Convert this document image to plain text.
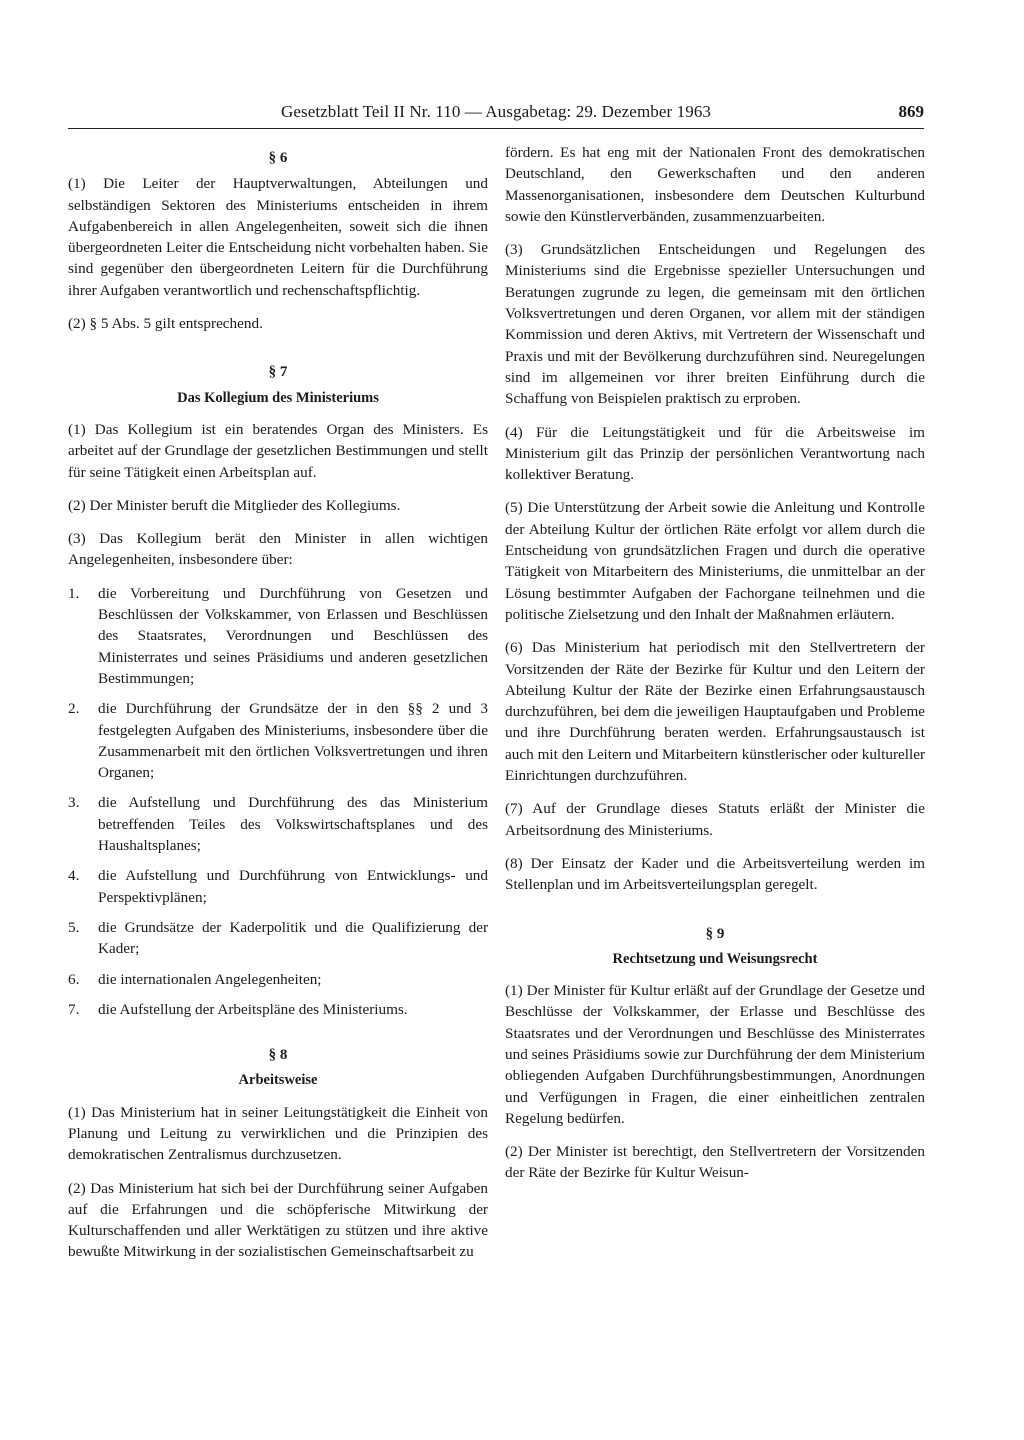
Gesetzblatt Teil II Nr. 110 — Ausgabetag: 29. Dezember 1963	869
§ 6

(1) Die Leiter der Hauptverwaltungen, Abteilungen und selbständigen Sektoren des Ministeriums entscheiden in ihrem Aufgabenbereich in allen Angelegenheiten, soweit sich die ihnen übergeordneten Leiter die Entscheidung nicht vorbehalten haben. Sie sind gegenüber den übergeordneten Leitern für die Durchführung ihrer Aufgaben verantwortlich und rechenschaftspflichtig.

(2) § 5 Abs. 5 gilt entsprechend.

§ 7
Das Kollegium des Ministeriums

(1) Das Kollegium ist ein beratendes Organ des Ministers. Es arbeitet auf der Grundlage der gesetzlichen Bestimmungen und stellt für seine Tätigkeit einen Arbeitsplan auf.

(2) Der Minister beruft die Mitglieder des Kollegiums.

(3) Das Kollegium berät den Minister in allen wichtigen Angelegenheiten, insbesondere über:

1.	die Vorbereitung und Durchführung von Gesetzen und Beschlüssen der Volkskammer, von Erlassen und Beschlüssen des Staatsrates, Verordnungen und Beschlüssen des Ministerrates und seines Präsidiums und anderen gesetzlichen Bestimmungen;
2.	die Durchführung der Grundsätze der in den §§ 2 und 3 festgelegten Aufgaben des Ministeriums, insbesondere über die Zusammenarbeit mit den örtlichen Volksvertretungen und ihren Organen;
3.	die Aufstellung und Durchführung des das Ministerium betreffenden Teiles des Volkswirtschaftsplanes und des Haushaltsplanes;
4.	die Aufstellung und Durchführung von Entwicklungs- und Perspektivplänen;
5.	die Grundsätze der Kaderpolitik und die Qualifizierung der Kader;
6.	die internationalen Angelegenheiten;
7.	die Aufstellung der Arbeitspläne des Ministeriums.
§ 8
Arbeitsweise

(1) Das Ministerium hat in seiner Leitungstätigkeit die Einheit von Planung und Leitung zu verwirklichen und die Prinzipien des demokratischen Zentralismus durchzusetzen.

(2) Das Ministerium hat sich bei der Durchführung seiner Aufgaben auf die Erfahrungen und die schöpferische Mitwirkung der Kulturschaffenden und aller Werktätigen zu stützen und ihre aktive bewußte Mitwirkung in der sozialistischen Gemeinschaftsarbeit zu

fördern. Es hat eng mit der Nationalen Front des demokratischen Deutschland, den Gewerkschaften und den anderen Massenorganisationen, insbesondere dem Deutschen Kulturbund sowie den Künstlerverbänden, zusammenzuarbeiten.

(3) Grundsätzlichen Entscheidungen und Regelungen des Ministeriums sind die Ergebnisse spezieller Untersuchungen und Beratungen zugrunde zu legen, die gemeinsam mit den örtlichen Volksvertretungen und deren Organen, vor allem mit der ständigen Kommission und deren Aktivs, mit Vertretern der Wissenschaft und Praxis und mit der Bevölkerung durchzuführen sind. Neuregelungen sind im allgemeinen vor ihrer breiten Einführung durch die Schaffung von Beispielen praktisch zu erproben.

(4) Für die Leitungstätigkeit und für die Arbeitsweise im Ministerium gilt das Prinzip der persönlichen Verantwortung nach kollektiver Beratung.

(5) Die Unterstützung der Arbeit sowie die Anleitung und Kontrolle der Abteilung Kultur der örtlichen Räte erfolgt vor allem durch die Entscheidung von grundsätzlichen Fragen und durch die operative Tätigkeit von Mitarbeitern des Ministeriums, die unmittelbar an der Lösung bestimmter Aufgaben der Fachorgane teilnehmen und die politische Zielsetzung und den Inhalt der Maßnahmen erläutern.

(6) Das Ministerium hat periodisch mit den Stellvertretern der Vorsitzenden der Räte der Bezirke für Kultur und den Leitern der Abteilung Kultur der Räte der Bezirke einen Erfahrungsaustausch durchzuführen, bei dem die jeweiligen Hauptaufgaben und Probleme und ihre Durchführung beraten werden. Erfahrungsaustausch ist auch mit den Leitern und Mitarbeitern künstlerischer oder kultureller Einrichtungen durchzuführen.

(7) Auf der Grundlage dieses Statuts erläßt der Minister die Arbeitsordnung des Ministeriums.

(8) Der Einsatz der Kader und die Arbeitsverteilung werden im Stellenplan und im Arbeitsverteilungsplan geregelt.

§ 9
Rechtsetzung und Weisungsrecht

(1) Der Minister für Kultur erläßt auf der Grundlage der Gesetze und Beschlüsse der Volkskammer, der Erlasse und Beschlüsse des Staatsrates und der Verordnungen und Beschlüsse des Ministerrates und seines Präsidiums sowie zur Durchführung der dem Ministerium obliegenden Aufgaben Durchführungsbestimmungen, Anordnungen und Verfügungen in Fragen, die einer einheitlichen zentralen Regelung bedürfen.

(2) Der Minister ist berechtigt, den Stellvertretern der Vorsitzenden der Räte der Bezirke für Kultur Weisun-
